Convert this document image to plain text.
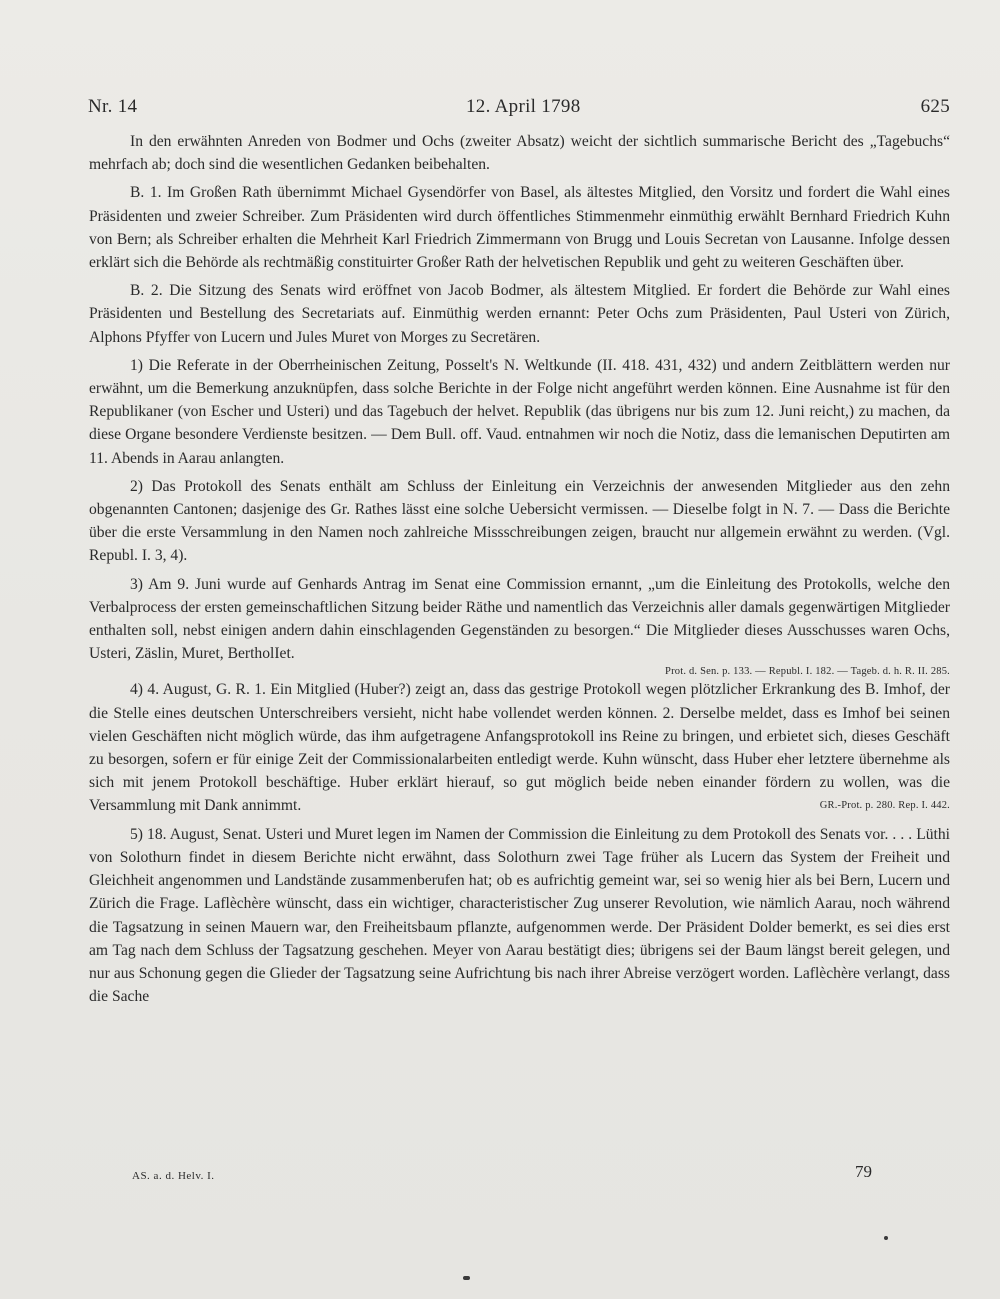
Nr. 14	12. April 1798	625

In den erwähnten Anreden von Bodmer und Ochs (zweiter Absatz) weicht der sichtlich summarische Bericht des „Tagebuchs“ mehrfach ab; doch sind die wesentlichen Gedanken beibehalten.

B. 1. Im Großen Rath übernimmt Michael Gysendörfer von Basel, als ältestes Mitglied, den Vorsitz und fordert die Wahl eines Präsidenten und zweier Schreiber. Zum Präsidenten wird durch öffentliches Stimmenmehr einmüthig erwählt Bernhard Friedrich Kuhn von Bern; als Schreiber erhalten die Mehrheit Karl Friedrich Zimmermann von Brugg und Louis Secretan von Lausanne. Infolge dessen erklärt sich die Behörde als rechtmäßig constituirter Großer Rath der helvetischen Republik und geht zu weiteren Geschäften über.

B. 2. Die Sitzung des Senats wird eröffnet von Jacob Bodmer, als ältestem Mitglied. Er fordert die Behörde zur Wahl eines Präsidenten und Bestellung des Secretariats auf. Einmüthig werden ernannt: Peter Ochs zum Präsidenten, Paul Usteri von Zürich, Alphons Pfyffer von Lucern und Jules Muret von Morges zu Secretären.

1) Die Referate in der Oberrheinischen Zeitung, Posselt's N. Weltkunde (II. 418. 431, 432) und andern Zeitblättern werden nur erwähnt, um die Bemerkung anzuknüpfen, dass solche Berichte in der Folge nicht angeführt werden können. Eine Ausnahme ist für den Republikaner (von Escher und Usteri) und das Tagebuch der helvet. Republik (das übrigens nur bis zum 12. Juni reicht,) zu machen, da diese Organe besondere Verdienste besitzen. — Dem Bull. off. Vaud. entnahmen wir noch die Notiz, dass die lemanischen Deputirten am 11. Abends in Aarau anlangten.

2) Das Protokoll des Senats enthält am Schluss der Einleitung ein Verzeichnis der anwesenden Mitglieder aus den zehn obgenannten Cantonen; dasjenige des Gr. Rathes lässt eine solche Uebersicht vermissen. — Dieselbe folgt in N. 7. — Dass die Berichte über die erste Versammlung in den Namen noch zahlreiche Missschreibungen zeigen, braucht nur allgemein erwähnt zu werden. (Vgl. Republ. I. 3, 4).

3) Am 9. Juni wurde auf Genhards Antrag im Senat eine Commission ernannt, „um die Einleitung des Protokolls, welche den Verbalprocess der ersten gemeinschaftlichen Sitzung beider Räthe und namentlich das Verzeichnis aller damals gegenwärtigen Mitglieder enthalten soll, nebst einigen andern dahin einschlagenden Gegenständen zu besorgen.“ Die Mitglieder dieses Ausschusses waren Ochs, Usteri, Zäslin, Muret, BertholIet.

Prot. d. Sen. p. 133. — Republ. I. 182. — Tageb. d. h. R. II. 285.

4) 4. August, G. R. 1. Ein Mitglied (Huber?) zeigt an, dass das gestrige Protokoll wegen plötzlicher Erkrankung des B. Imhof, der die Stelle eines deutschen Unterschreibers versieht, nicht habe vollendet werden können. 2. Derselbe meldet, dass es Imhof bei seinen vielen Geschäften nicht möglich würde, das ihm aufgetragene Anfangsprotokoll ins Reine zu bringen, und erbietet sich, dieses Geschäft zu besorgen, sofern er für einige Zeit der Commissionalarbeiten entledigt werde. Kuhn wünscht, dass Huber eher letztere übernehme als sich mit jenem Protokoll beschäftige. Huber erklärt hierauf, so gut möglich beide neben einander fördern zu wollen, was die Versammlung mit Dank annimmt.	GR.-Prot. p. 280. Rep. I. 442.

5) 18. August, Senat. Usteri und Muret legen im Namen der Commission die Einleitung zu dem Protokoll des Senats vor. . . . Lüthi von Solothurn findet in diesem Berichte nicht erwähnt, dass Solothurn zwei Tage früher als Lucern das System der Freiheit und Gleichheit angenommen und Landstände zusammenberufen hat; ob es aufrichtig gemeint war, sei so wenig hier als bei Bern, Lucern und Zürich die Frage. Laflèchère wünscht, dass ein wichtiger, characteristischer Zug unserer Revolution, wie nämlich Aarau, noch während die Tagsatzung in seinen Mauern war, den Freiheitsbaum pflanzte, aufgenommen werde. Der Präsident Dolder bemerkt, es sei dies erst am Tag nach dem Schluss der Tagsatzung geschehen. Meyer von Aarau bestätigt dies; übrigens sei der Baum längst bereit gelegen, und nur aus Schonung gegen die Glieder der Tagsatzung seine Aufrichtung bis nach ihrer Abreise verzögert worden. Laflèchère verlangt, dass die Sache

AS. a. d. Helv. I.	79
